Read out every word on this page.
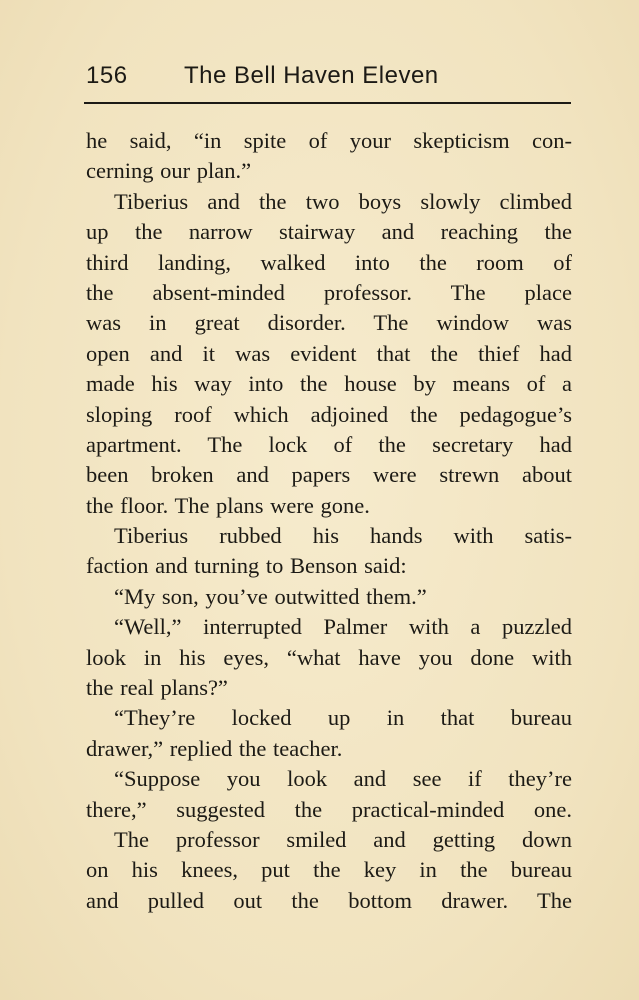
156 The Bell Haven Eleven
he said, “in spite of your skepticism con-
cerning our plan.”
Tiberius and the two boys slowly climbed
up the narrow stairway and reaching the
third landing, walked into the room of
the absent-minded professor. The place
was in great disorder. The window was
open and it was evident that the thief had
made his way into the house by means of a
sloping roof which adjoined the pedagogue’s
apartment. The lock of the secretary had
been broken and papers were strewn about
the floor. The plans were gone.
Tiberius rubbed his hands with satis-
faction and turning to Benson said:
“My son, you’ve outwitted them.”
“Well,” interrupted Palmer with a puzzled
look in his eyes, “what have you done with
the real plans?”
“They’re locked up in that bureau
drawer,” replied the teacher.
“Suppose you look and see if they’re
there,” suggested the practical-minded one.
The professor smiled and getting down
on his knees, put the key in the bureau
and pulled out the bottom drawer. The
